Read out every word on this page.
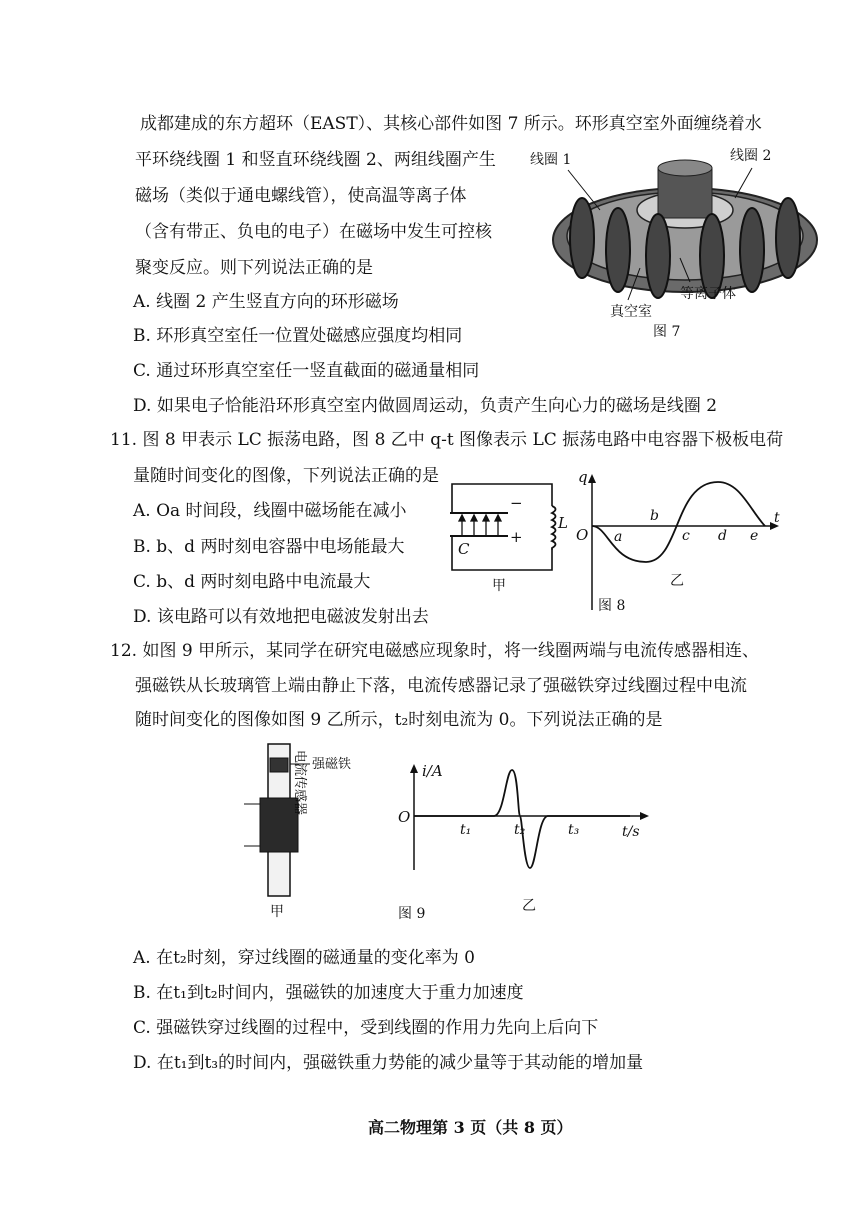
成都建成的东方超环（EAST）、其核心部件如图 7 所示。环形真空室外面缠绕着水
平环绕线圈 1 和竖直环绕线圈 2、两组线圈产生
磁场（类似于通电螺线管），使高温等离子体
（含有带正、负电的电子）在磁场中发生可控核
聚变反应。则下列说法正确的是
A. 线圈 2 产生竖直方向的环形磁场
B. 环形真空室任一位置处磁感应强度均相同
C. 通过环形真空室任一竖直截面的磁通量相同
D. 如果电子恰能沿环形真空室内做圆周运动，负责产生向心力的磁场是线圈 2
线圈 1	线圈 2
真空室
等离子体
图 7
11. 图 8 甲表示 LC 振荡电路，图 8 乙中 q-t 图像表示 LC 振荡电路中电容器下极板电荷
量随时间变化的图像，下列说法正确的是
A. Oa 时间段，线圈中磁场能在减小
B. b、d 两时刻电容器中电场能最大
C. b、d 两时刻电路中电流最大
D. 该电路可以有效地把电磁波发射出去
−
+
C
L
甲
q
O a
b
c d e
t
乙
图 8
12. 如图 9 甲所示，某同学在研究电磁感应现象时，将一线圈两端与电流传感器相连、
强磁铁从长玻璃管上端由静止下落，电流传感器记录了强磁铁穿过线圈过程中电流
随时间变化的图像如图 9 乙所示，t₂时刻电流为 0。下列说法正确的是
强磁铁
电流传感器
甲
i/A
O
t₁	t₂	t₃	t/s
乙
图 9
A. 在t₂时刻，穿过线圈的磁通量的变化率为 0
B. 在t₁到t₂时间内，强磁铁的加速度大于重力加速度
C. 强磁铁穿过线圈的过程中，受到线圈的作用力先向上后向下
D. 在t₁到t₃的时间内，强磁铁重力势能的减少量等于其动能的增加量
高二物理第 3 页（共 8 页）
